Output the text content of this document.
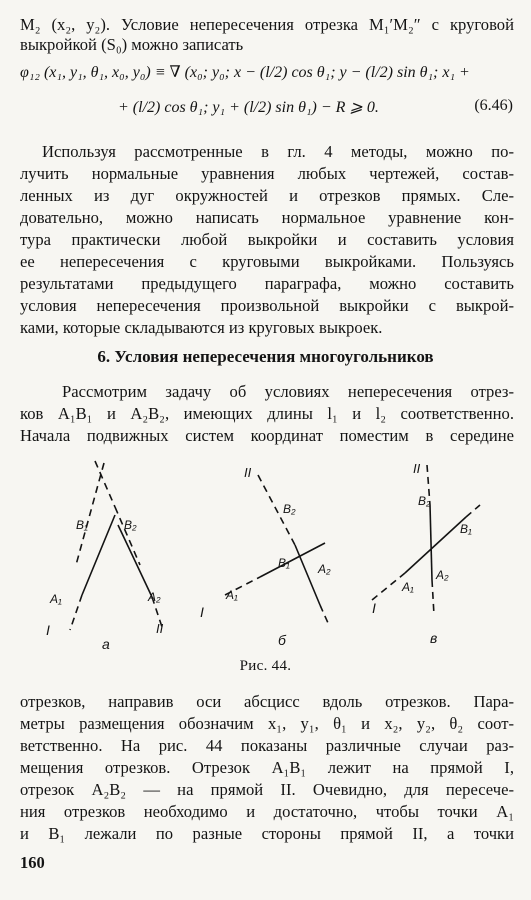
M₂ (x₂, y₂). Условие непересечения отрезка M₁′M₂″ с круговой
выкройкой (S₀) можно записать
φ₁₂ (x₁, y₁, θ₁, x₀, y₀) ≡ ∇ (x₀; y₀; x − (l/2) cos θ₁; y − (l/2) sin θ₁; x₁ +
+ (l/2) cos θ₁; y₁ + (l/2) sin θ₁) − R ⩾ 0.	(6.46)
Используя рассмотренные в гл. 4 методы, можно по-
лучить нормальные уравнения любых чертежей, состав-
ленных из дуг окружностей и отрезков прямых. Сле-
довательно, можно написать нормальное уравнение кон-
тура практически любой выкройки и составить условия
ее непересечения с круговыми выкройками. Пользуясь
результатами предыдущего параграфа, можно составить
условия непересечения произвольной выкройки с выкрой-
ками, которые складываются из круговых выкроек.
6. Условия непересечения многоугольников
Рассмотрим задачу об условиях непересечения отрез-
ков A₁B₁ и A₂B₂, имеющих длины l₁ и l₂ соответственно.
Начала подвижных систем координат поместим в середине
B₁	B₂
A₁	A₂
I	II
а
II
B₂
B₁ A₂
A₁
I
б
II
B₂
B₁
A₂
A₁
I
в
Рис. 44.
отрезков, направив оси абсцисс вдоль отрезков. Пара-
метры размещения обозначим x₁, y₁, θ₁ и x₂, y₂, θ₂ соот-
ветственно. На рис. 44 показаны различные случаи раз-
мещения отрезков. Отрезок A₁B₁ лежит на прямой I,
отрезок A₂B₂ — на прямой II. Очевидно, для пересече-
ния отрезков необходимо и достаточно, чтобы точки A₁
и B₁ лежали по разные стороны прямой II, а точки
160
